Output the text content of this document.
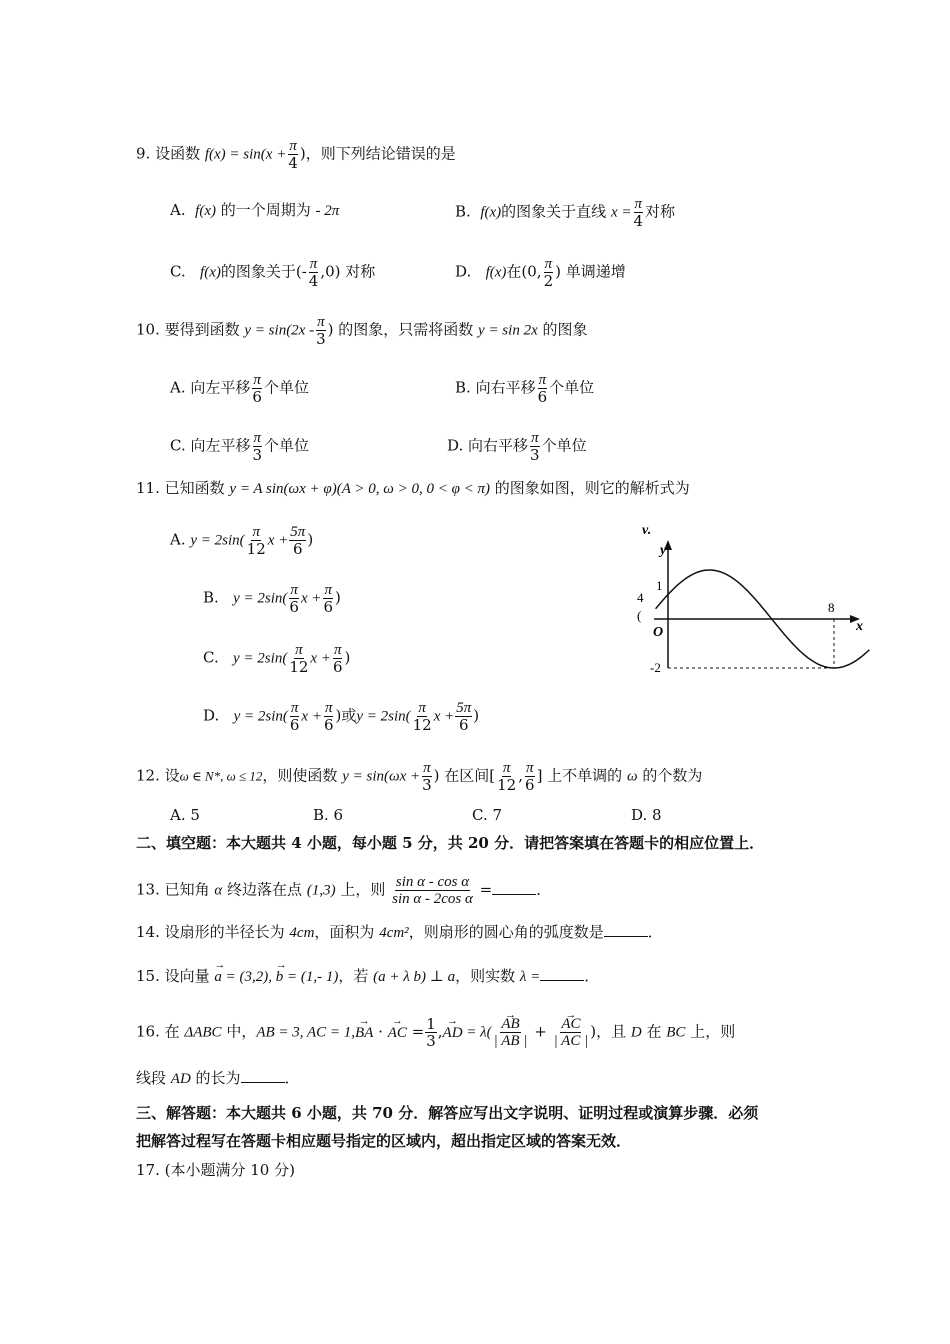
9. 设函数 $f(x) = \sin(x + \frac{\pi}{4}$ )，则下列结论错误的是
A. f(x) 的一个周期为 - 2π	B. f(x)的图象关于直线 $x = \frac{\pi}{4}$ 对称
C. f(x)的图象关于(- $\frac{\pi}{4} ,0$) 对称	D. f(x)在(0, $\frac{\pi}{2}$ ) 单调递增
10. 要得到函数 $y = \sin(2x - \frac{\pi}{3}$ ) 的图象，只需将函数 y = sin 2x 的图象
A. 向左平移 $\frac{\pi}{6}$ 个单位	B. 向右平移 $\frac{\pi}{6}$ 个单位
C. 向左平移 $\frac{\pi}{3}$ 个单位	D. 向右平移 $\frac{\pi}{3}$ 个单位
11. 已知函数 y = A sin(ωx + φ)(A > 0, ω > 0, 0 < φ < π) 的图象如图，则它的解析式为
A. $y = 2\sin( \frac{\pi}{12}$ $x + \frac{5\pi}{6}$ )
B. $y = 2\sin( \frac{\pi}{6}$ $x + \frac{\pi}{6}$ )
C. $y = 2\sin( \frac{\pi}{12}$ $x + \frac{\pi}{6}$ )
D. $y = 2\sin( \frac{\pi}{6}$ $x + \frac{\pi}{6}$ )或$y = 2\sin( \frac{\pi}{12}$ $x + \frac{5\pi}{6}$ )
v.
4
(
y
x
O
1
-2
8
12. 设ω ∈ N*, ω ≤ 12，则使函数 $y = \sin(\omega x + \frac{\pi}{3}$ ) 在区间[ $\frac{\pi}{12}$ , $\frac{\pi}{6}$ ] 上不单调的 ω 的个数为
A. 5	B. 6	C. 7	D. 8
二、填空题：本大题共 4 小题，每小题 5 分，共 20 分．请把答案填在答题卡的相应位置上．
13. 已知角 α 终边落在点 (1,3) 上，则 $\frac{\text{sin α - cos α}}{\text{sin α - 2cos α}}$ =	．
14. 设扇形的半径长为 4cm，面积为 4cm²，则扇形的圆心角的弧度数是	．
15. 设向量 → a = (3,2), → b = (1,- 1)，若 (a + λ b) ⊥ a，则实数 λ =	．
16. 在 ΔABC 中，AB = 3, AC = 1,→ BA · → AC = $\frac{1}{3}$ ,→ AD = λ(
→ $\frac{AB}{| AB |}$ +
→ $\frac{AC}{| AC |}$ )，且 D 在 BC 上，则
线段 AD 的长为	．
三、解答题：本大题共 6 小题，共 70 分．解答应写出文字说明、证明过程或演算步骤．必须
把解答过程写在答题卡相应题号指定的区域内，超出指定区域的答案无效．
17. (本小题满分 10 分)
